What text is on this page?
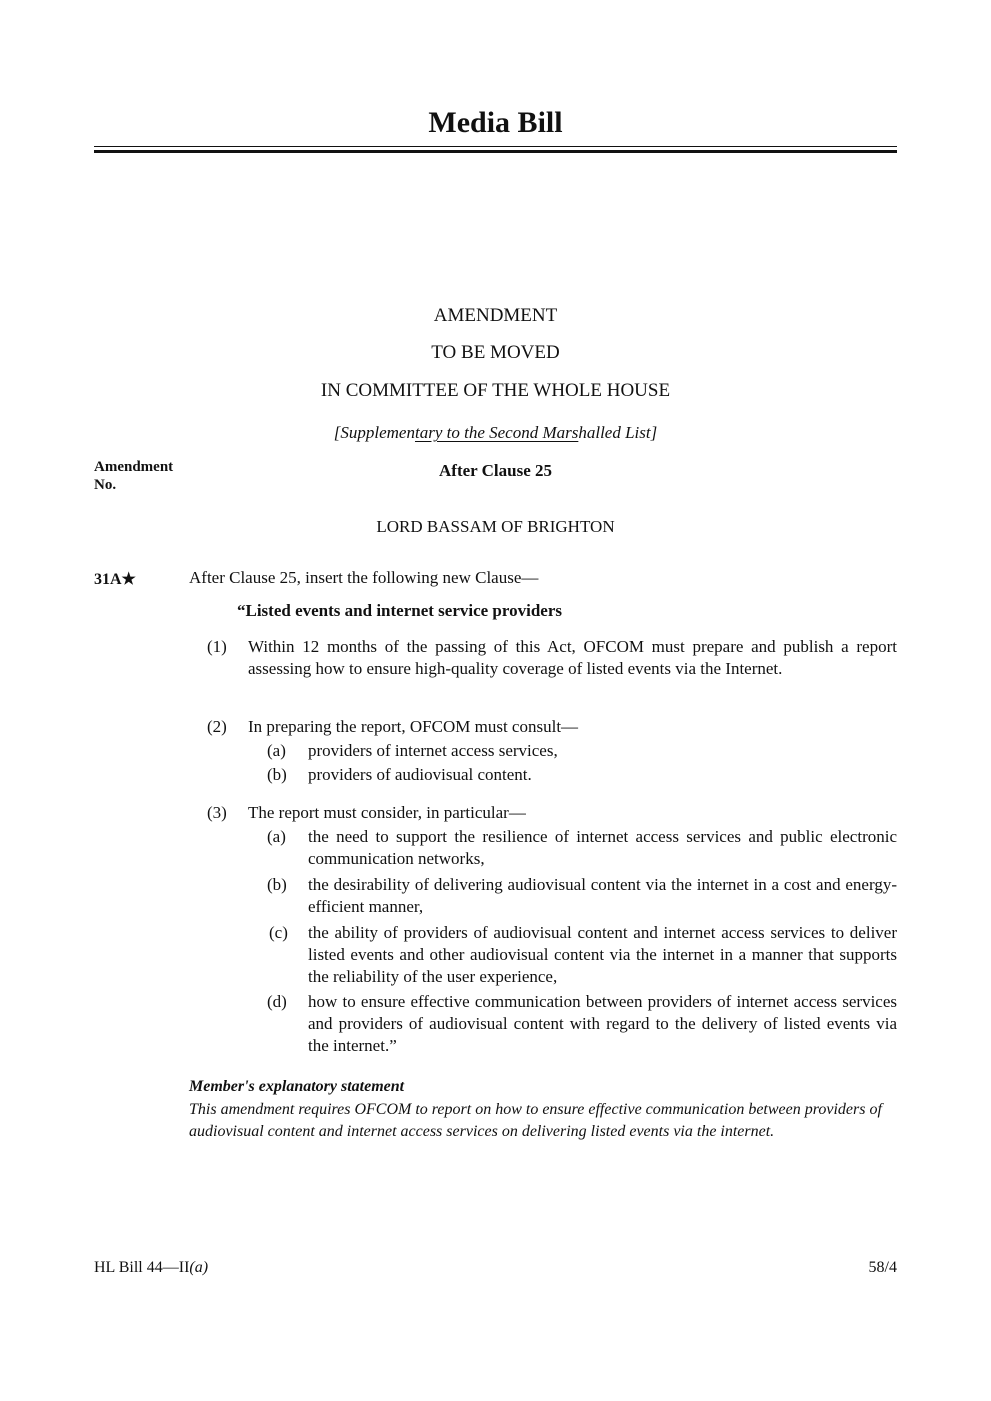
Media Bill
AMENDMENT
TO BE MOVED
IN COMMITTEE OF THE WHOLE HOUSE
[Supplementary to the Second Marshalled List]
Amendment
No.
After Clause 25
LORD BASSAM OF BRIGHTON
31A★	After Clause 25, insert the following new Clause—
“Listed events and internet service providers
(1) Within 12 months of the passing of this Act, OFCOM must prepare and publish a report assessing how to ensure high-quality coverage of listed events via the Internet.
(2) In preparing the report, OFCOM must consult—
(a) providers of internet access services,
(b) providers of audiovisual content.
(3) The report must consider, in particular—
(a) the need to support the resilience of internet access services and public electronic communication networks,
(b) the desirability of delivering audiovisual content via the internet in a cost and energy-efficient manner,
(c) the ability of providers of audiovisual content and internet access services to deliver listed events and other audiovisual content via the internet in a manner that supports the reliability of the user experience,
(d) how to ensure effective communication between providers of internet access services and providers of audiovisual content with regard to the delivery of listed events via the internet.”
Member's explanatory statement
This amendment requires OFCOM to report on how to ensure effective communication between providers of audiovisual content and internet access services on delivering listed events via the internet.
HL Bill 44—II(a)	58/4
